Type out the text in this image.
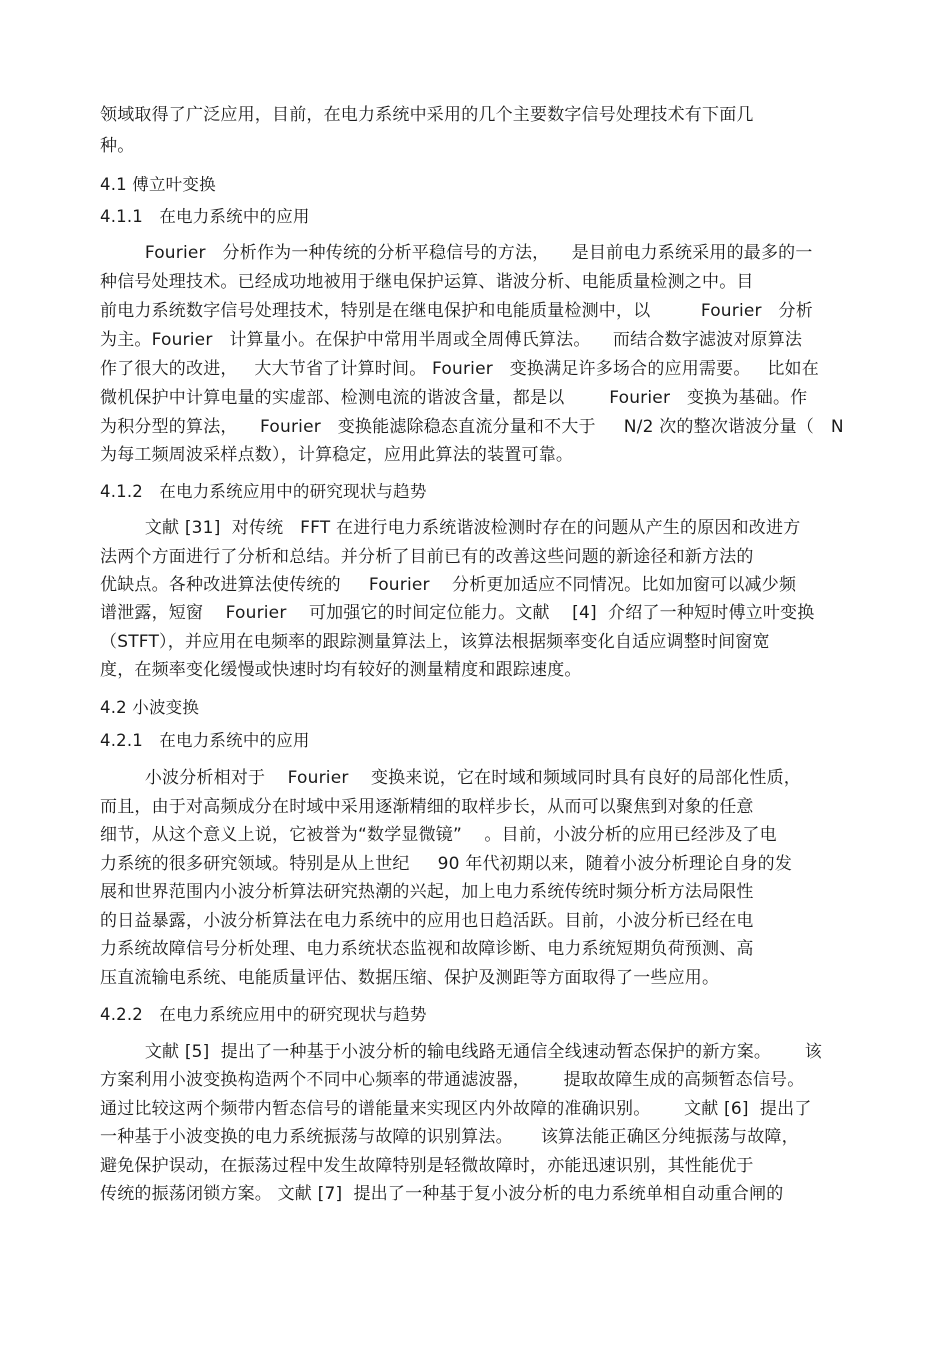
领域取得了广泛应用，目前，在电力系统中采用的几个主要数字信号处理技术有下面几
种。
4.1 傅立叶变换
4.1.1   在电力系统中的应用
Fourier   分析作为一种传统的分析平稳信号的方法，    是目前电力系统采用的最多的一
种信号处理技术。已经成功地被用于继电保护运算、谐波分析、电能质量检测之中。目
前电力系统数字信号处理技术，特别是在继电保护和电能质量检测中，以         Fourier   分析
为主。Fourier   计算量小。在保护中常用半周或全周傅氏算法。    而结合数字滤波对原算法
作了很大的改进，   大大节省了计算时间。 Fourier   变换满足许多场合的应用需要。   比如在
微机保护中计算电量的实虚部、检测电流的谐波含量，都是以        Fourier   变换为基础。作
为积分型的算法，    Fourier   变换能滤除稳态直流分量和不大于     N/2 次的整次谐波分量（   N
为每工频周波采样点数），计算稳定，应用此算法的装置可靠。
4.1.2   在电力系统应用中的研究现状与趋势
文献 [31]  对传统   FFT 在进行电力系统谐波检测时存在的问题从产生的原因和改进方
法两个方面进行了分析和总结。并分析了目前已有的改善这些问题的新途径和新方法的
优缺点。各种改进算法使传统的     Fourier    分析更加适应不同情况。比如加窗可以减少频
谱泄露，短窗    Fourier    可加强它的时间定位能力。文献    [4]  介绍了一种短时傅立叶变换
（STFT），并应用在电频率的跟踪测量算法上，该算法根据频率变化自适应调整时间窗宽
度，在频率变化缓慢或快速时均有较好的测量精度和跟踪速度。
4.2 小波变换
4.2.1   在电力系统中的应用
小波分析相对于    Fourier    变换来说，它在时域和频域同时具有良好的局部化性质，
而且，由于对高频成分在时域中采用逐渐精细的取样步长，从而可以聚焦到对象的任意
细节，从这个意义上说，它被誉为“数学显微镜”    。目前，小波分析的应用已经涉及了电
力系统的很多研究领域。特别是从上世纪     90 年代初期以来，随着小波分析理论自身的发
展和世界范围内小波分析算法研究热潮的兴起，加上电力系统传统时频分析方法局限性
的日益暴露，小波分析算法在电力系统中的应用也日趋活跃。目前，小波分析已经在电
力系统故障信号分析处理、电力系统状态监视和故障诊断、电力系统短期负荷预测、高
压直流输电系统、电能质量评估、数据压缩、保护及测距等方面取得了一些应用。
4.2.2   在电力系统应用中的研究现状与趋势
文献 [5]  提出了一种基于小波分析的输电线路无通信全线速动暂态保护的新方案。      该
方案利用小波变换构造两个不同中心频率的带通滤波器，      提取故障生成的高频暂态信号。
通过比较这两个频带内暂态信号的谱能量来实现区内外故障的准确识别。      文献 [6]  提出了
一种基于小波变换的电力系统振荡与故障的识别算法。     该算法能正确区分纯振荡与故障，
避免保护误动，在振荡过程中发生故障特别是轻微故障时，亦能迅速识别，其性能优于
传统的振荡闭锁方案。 文献 [7]  提出了一种基于复小波分析的电力系统单相自动重合闸的
